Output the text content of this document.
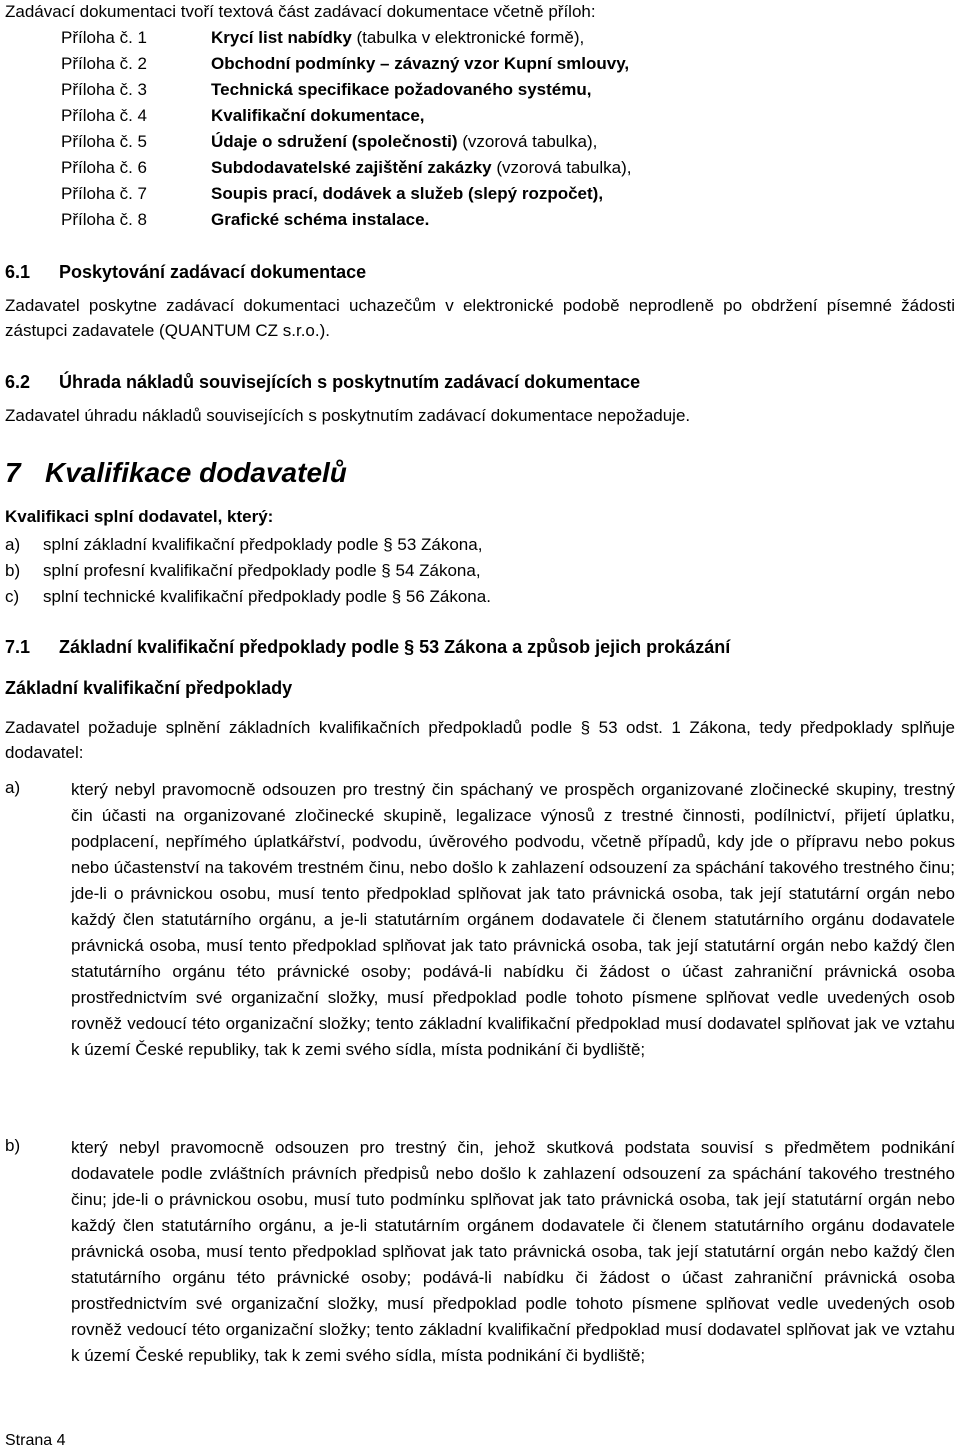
Zadávací dokumentaci tvoří textová část zadávací dokumentace včetně příloh:
Příloha č. 1	Krycí list nabídky (tabulka v elektronické formě),
Příloha č. 2	Obchodní podmínky – závazný vzor Kupní smlouvy,
Příloha č. 3	Technická specifikace požadovaného systému,
Příloha č. 4	Kvalifikační dokumentace,
Příloha č. 5	Údaje o sdružení (společnosti) (vzorová tabulka),
Příloha č. 6	Subdodavatelské zajištění zakázky (vzorová tabulka),
Příloha č. 7	Soupis prací, dodávek a služeb (slepý rozpočet),
Příloha č. 8	Grafické schéma instalace.
6.1 Poskytování zadávací dokumentace
Zadavatel poskytne zadávací dokumentaci uchazečům v elektronické podobě neprodleně po obdržení písemné žádosti zástupci zadavatele (QUANTUM CZ s.r.o.).
6.2 Úhrada nákladů souvisejících s poskytnutím zadávací dokumentace
Zadavatel úhradu nákladů souvisejících s poskytnutím zadávací dokumentace nepožaduje.
7 Kvalifikace dodavatelů
Kvalifikaci splní dodavatel, který:
a) splní základní kvalifikační předpoklady podle § 53 Zákona,
b) splní profesní kvalifikační předpoklady podle § 54 Zákona,
c) splní technické kvalifikační předpoklady podle § 56 Zákona.
7.1 Základní kvalifikační předpoklady podle § 53 Zákona a způsob jejich prokázání
Základní kvalifikační předpoklady
Zadavatel požaduje splnění základních kvalifikačních předpokladů podle § 53 odst. 1 Zákona, tedy předpoklady splňuje dodavatel:
a)	který nebyl pravomocně odsouzen pro trestný čin spáchaný ve prospěch organizované zločinecké skupiny, trestný čin účasti na organizované zločinecké skupině, legalizace výnosů z trestné činnosti, podílnictví, přijetí úplatku, podplacení, nepřímého úplatkářství, podvodu, úvěrového podvodu, včetně případů, kdy jde o přípravu nebo pokus nebo účastenství na takovém trestném činu, nebo došlo k zahlazení odsouzení za spáchání takového trestného činu; jde-li o právnickou osobu, musí tento předpoklad splňovat jak tato právnická osoba, tak její statutární orgán nebo každý člen statutárního orgánu, a je-li statutárním orgánem dodavatele či členem statutárního orgánu dodavatele právnická osoba, musí tento předpoklad splňovat jak tato právnická osoba, tak její statutární orgán nebo každý člen statutárního orgánu této právnické osoby; podává-li nabídku či žádost o účast zahraniční právnická osoba prostřednictvím své organizační složky, musí předpoklad podle tohoto písmene splňovat vedle uvedených osob rovněž vedoucí této organizační složky; tento základní kvalifikační předpoklad musí dodavatel splňovat jak ve vztahu k území České republiky, tak k zemi svého sídla, místa podnikání či bydliště;
b)	který nebyl pravomocně odsouzen pro trestný čin, jehož skutková podstata souvisí s předmětem podnikání dodavatele podle zvláštních právních předpisů nebo došlo k zahlazení odsouzení za spáchání takového trestného činu; jde-li o právnickou osobu, musí tuto podmínku splňovat jak tato právnická osoba, tak její statutární orgán nebo každý člen statutárního orgánu, a je-li statutárním orgánem dodavatele či členem statutárního orgánu dodavatele právnická osoba, musí tento předpoklad splňovat jak tato právnická osoba, tak její statutární orgán nebo každý člen statutárního orgánu této právnické osoby; podává-li nabídku či žádost o účast zahraniční právnická osoba prostřednictvím své organizační složky, musí předpoklad podle tohoto písmene splňovat vedle uvedených osob rovněž vedoucí této organizační složky; tento základní kvalifikační předpoklad musí dodavatel splňovat jak ve vztahu k území České republiky, tak k zemi svého sídla, místa podnikání či bydliště;
Strana 4
